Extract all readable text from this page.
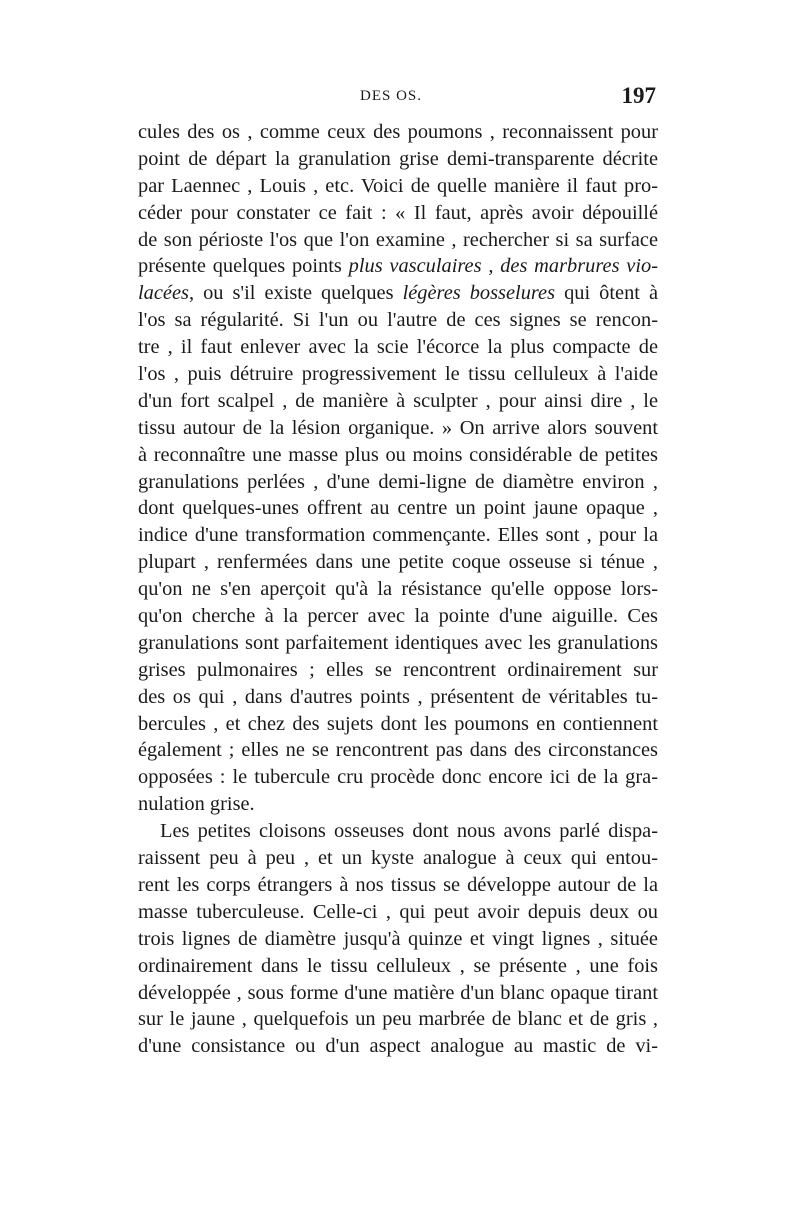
DES OS.	197
cules des os , comme ceux des poumons , reconnaissent pour
point de départ la granulation grise demi-transparente décrite
par Laennec , Louis , etc. Voici de quelle manière il faut pro-
céder pour constater ce fait : « Il faut, après avoir dépouillé
de son périoste l'os que l'on examine , rechercher si sa surface
présente quelques points plus vasculaires , des marbrures vio-
lacées, ou s'il existe quelques légères bosselures qui ôtent à
l'os sa régularité. Si l'un ou l'autre de ces signes se rencon-
tre , il faut enlever avec la scie l'écorce la plus compacte de
l'os , puis détruire progressivement le tissu celluleux à l'aide
d'un fort scalpel , de manière à sculpter , pour ainsi dire , le
tissu autour de la lésion organique. » On arrive alors souvent
à reconnaître une masse plus ou moins considérable de petites
granulations perlées , d'une demi-ligne de diamètre environ ,
dont quelques-unes offrent au centre un point jaune opaque ,
indice d'une transformation commençante. Elles sont , pour la
plupart , renfermées dans une petite coque osseuse si ténue ,
qu'on ne s'en aperçoit qu'à la résistance qu'elle oppose lors-
qu'on cherche à la percer avec la pointe d'une aiguille. Ces
granulations sont parfaitement identiques avec les granulations
grises pulmonaires ; elles se rencontrent ordinairement sur
des os qui , dans d'autres points , présentent de véritables tu-
bercules , et chez des sujets dont les poumons en contiennent
également ; elles ne se rencontrent pas dans des circonstances
opposées : le tubercule cru procède donc encore ici de la gra-
nulation grise.
Les petites cloisons osseuses dont nous avons parlé dispa-
raissent peu à peu , et un kyste analogue à ceux qui entou-
rent les corps étrangers à nos tissus se développe autour de la
masse tuberculeuse. Celle-ci , qui peut avoir depuis deux ou
trois lignes de diamètre jusqu'à quinze et vingt lignes , située
ordinairement dans le tissu celluleux , se présente , une fois
développée , sous forme d'une matière d'un blanc opaque tirant
sur le jaune , quelquefois un peu marbrée de blanc et de gris ,
d'une consistance ou d'un aspect analogue au mastic de vi-
